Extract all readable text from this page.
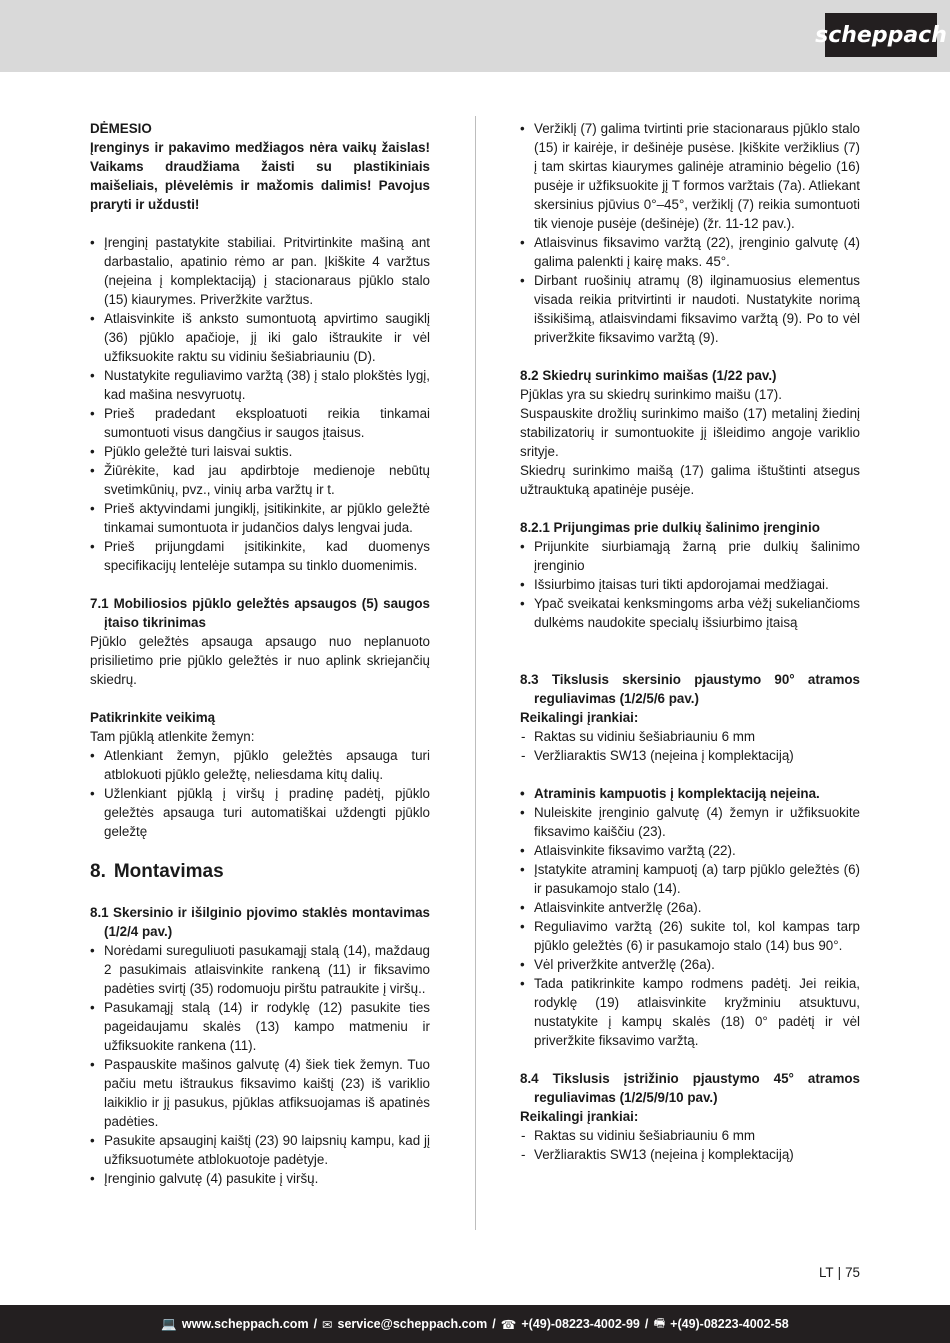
scheppach

DĖMESIO

Įrenginys ir pakavimo medžiagos nėra vaikų žaislas! Vaikams draudžiama žaisti su plastikiniais maišeliais, plėvelėmis ir mažomis dalimis! Pavojus praryti ir uždusti!

• Įrenginį pastatykite stabiliai. Pritvirtinkite mašiną ant darbastalio, apatinio rėmo ar pan. Įkiškite 4 varžtus (neįeina į komplektaciją) į stacionaraus pjūklo stalo (15) kiaurymes. Priveržkite varžtus.
• Atlaisvinkite iš anksto sumontuotą apvirtimo saugiklį (36) pjūklo apačioje, jį iki galo ištraukite ir vėl užfiksuokite raktu su vidiniu šešiabriauniu (D).
• Nustatykite reguliavimo varžtą (38) į stalo plokštės lygį, kad mašina nesvyruotų.
• Prieš pradedant eksploatuoti reikia tinkamai sumontuoti visus dangčius ir saugos įtaisus.
• Pjūklo geležtė turi laisvai suktis.
• Žiūrėkite, kad jau apdirbtoje medienoje nebūtų svetimkūnių, pvz., vinių arba varžtų ir t.
• Prieš aktyvindami jungiklį, įsitikinkite, ar pjūklo geležtė tinkamai sumontuota ir judančios dalys lengvai juda.
• Prieš prijungdami įsitikinkite, kad duomenys specifikacijų lentelėje sutampa su tinklo duomenimis.

7.1 Mobiliosios pjūklo geležtės apsaugos (5) saugos įtaiso tikrinimas

Pjūklo geležtės apsauga apsaugo nuo neplanuoto prisilietimo prie pjūklo geležtės ir nuo aplink skriejančių skiedrų.

Patikrinkite veikimą

Tam pjūklą atlenkite žemyn:

• Atlenkiant žemyn, pjūklo geležtės apsauga turi atblokuoti pjūklo geležtę, neliesdama kitų dalių.
• Užlenkiant pjūklą į viršų į pradinę padėtį, pjūklo geležtės apsauga turi automatiškai uždengti pjūklo geležtę
8. Montavimas

8.1 Skersinio ir išilginio pjovimo staklės montavimas (1/2/4 pav.)

• Norėdami sureguliuoti pasukamąjį stalą (14), maždaug 2 pasukimais atlaisvinkite rankeną (11) ir fiksavimo padėties svirtį (35) rodomuoju pirštu patraukite į viršų..
• Pasukamąjį stalą (14) ir rodyklę (12) pasukite ties pageidaujamu skalės (13) kampo matmeniu ir užfiksuokite rankena (11).
• Paspauskite mašinos galvutę (4) šiek tiek žemyn. Tuo pačiu metu ištraukus fiksavimo kaištį (23) iš variklio laikiklio ir jį pasukus, pjūklas atfiksuojamas iš apatinės padėties.
• Pasukite apsauginį kaištį (23) 90 laipsnių kampu, kad jį užfiksuotumėte atblokuotoje padėtyje.
• Įrenginio galvutę (4) pasukite į viršų.
• Veržiklį (7) galima tvirtinti prie stacionaraus pjūklo stalo (15) ir kairėje, ir dešinėje pusėse. Įkiškite veržiklius (7) į tam skirtas kiaurymes galinėje atraminio bėgelio (16) pusėje ir užfiksuokite jį T formos varžtais (7a). Atliekant skersinius pjūvius 0°–45°, veržiklį (7) reikia sumontuoti tik vienoje pusėje (dešinėje) (žr. 11-12 pav.).
• Atlaisvinus fiksavimo varžtą (22), įrenginio galvutę (4) galima palenkti į kairę maks. 45°.
• Dirbant ruošinių atramų (8) ilginamuosius elementus visada reikia pritvirtinti ir naudoti. Nustatykite norimą išsikišimą, atlaisvindami fiksavimo varžtą (9). Po to vėl priveržkite fiksavimo varžtą (9).

8.2 Skiedrų surinkimo maišas (1/22 pav.)

Pjūklas yra su skiedrų surinkimo maišu (17).

Suspauskite drožlių surinkimo maišo (17) metalinį žiedinį stabilizatorių ir sumontuokite jį išleidimo angoje variklio srityje.

Skiedrų surinkimo maišą (17) galima ištuštinti atsegus užtrauktuką apatinėje pusėje.

8.2.1 Prijungimas prie dulkių šalinimo įrenginio

• Prijunkite siurbiamąją žarną prie dulkių šalinimo įrenginio
• Išsiurbimo įtaisas turi tikti apdorojamai medžiagai.
• Ypač sveikatai kenksmingoms arba vėžį sukeliančioms dulkėms naudokite specialų išsiurbimo įtaisą

8.3 Tikslusis skersinio pjaustymo 90° atramos reguliavimas (1/2/5/6 pav.)

Reikalingi įrankiai:

- Raktas su vidiniu šešiabriauniu 6 mm
- Veržliaraktis SW13 (neįeina į komplektaciją)
• Atraminis kampuotis į komplektaciją neįeina.
• Nuleiskite įrenginio galvutę (4) žemyn ir užfiksuokite fiksavimo kaiščiu (23).
• Atlaisvinkite fiksavimo varžtą (22).
• Įstatykite atraminį kampuotį (a) tarp pjūklo geležtės (6) ir pasukamojo stalo (14).
• Atlaisvinkite antveržlę (26a).
• Reguliavimo varžtą (26) sukite tol, kol kampas tarp pjūklo geležtės (6) ir pasukamojo stalo (14) bus 90°.
• Vėl priveržkite antveržlę (26a).
• Tada patikrinkite kampo rodmens padėtį. Jei reikia, rodyklę (19) atlaisvinkite kryžminiu atsuktuvu, nustatykite į kampų skalės (18) 0° padėtį ir vėl priveržkite fiksavimo varžtą.

8.4 Tikslusis įstrižinio pjaustymo 45° atramos reguliavimas (1/2/5/9/10 pav.)

Reikalingi įrankiai:

- Raktas su vidiniu šešiabriauniu 6 mm
- Veržliaraktis SW13 (neįeina į komplektaciją)
LT | 75
💻 www.scheppach.com / ✉ service@scheppach.com / ☎ +(49)-08223-4002-99 / 🖷 +(49)-08223-4002-58
